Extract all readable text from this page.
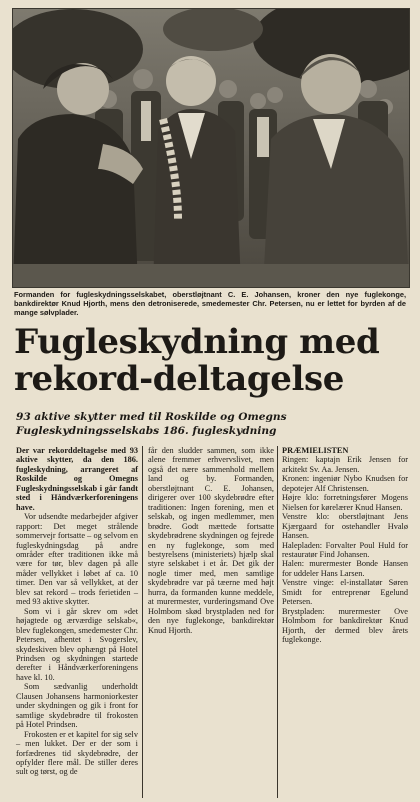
Formanden for fugleskydningsselskabet, oberstløjtnant C. E. Johansen, kroner den nye fuglekonge, bankdirektør Knud Hjorth, mens den detroniserede, smedemester Chr. Petersen, nu er lettet for byrden af de mange sølvplader.
Fugleskydning med
rekord-deltagelse
93 aktive skytter med til Roskilde og Omegns Fugleskydningsselskabs 186. fugleskydning

Der var rekorddeltagelse med 93 aktive skytter, da den 186. fugleskydning, arrangeret af Roskilde og Omegns Fugleskydningsselskab i går fandt sted i Håndværkerforeningens have.

Vor udsendte medarbejder afgiver rapport: Det meget strålende sommervejr fortsatte – og selvom en fugleskydningsdag på andre områder efter traditionen ikke må være for tør, blev dagen på alle måder vellykket i løbet af ca. 10 timer. Den var så vellykket, at der blev sat rekord – trods ferietiden – med 93 aktive skytter.

Som vi i går skrev om »det højagtede og ærværdige selskab«, blev fuglekongen, smedemester Chr. Petersen, afhentet i Svogerslev, skydeskiven blev ophængt på Hotel Prindsen og skydningen startede derefter i Håndværkerforeningens have kl. 10.

Som sædvanlig underholdt Clausen Johansens harmoniorkester under skydningen og gik i front for samtlige skydebrødre til frokosten på Hotel Prindsen.

Frokosten er et kapitel for sig selv – men lukket. Der er der som i forfædrenes tid skydebrødre, der opfylder flere mål. De stiller deres sult og tørst, og de

får den sludder sammen, som ikke alene fremmer erhvervslivet, men også det nære sammenhold mellem land og by. Formanden, oberstløjtnant C. E. Johansen, dirigerer over 100 skydebrødre efter traditionen: Ingen forening, men et selskab, og ingen medlemmer, men brødre. Godt mættede fortsatte skydebrødrene skydningen og fejrede en ny fuglekonge, som med bestyrelsens (ministeriets) hjælp skal styre selskabet i et år. Det gik der nogle timer med, men samtlige skydebrødre var på tæerne med højt hurra, da formanden kunne meddele, at murermester, vurderingsmand Ove Holmbom skød brystpladen ned for den nye fuglekonge, bankdirektør Knud Hjorth.

PRÆMIELISTEN

Ringen: kaptajn Erik Jensen for arkitekt Sv. Aa. Jensen.

Kronen: ingeniør Nybo Knudsen for depotejer Alf Christensen.

Højre klo: forretningsfører Mogens Nielsen for kørelærer Knud Hansen.

Venstre klo: oberstløjtnant Jens Kjærgaard for ostehandler Hvalø Hansen.

Halepladen: Forvalter Poul Huld for restauratør Find Johansen.

Halen: murermester Bonde Hansen for uddeler Hans Larsen.

Venstre vinge: el-installatør Søren Smidt for entreprenør Egelund Petersen.

Brystpladen: murermester Ove Holmbom for bankdirektør Knud Hjorth, der dermed blev årets fuglekonge.
